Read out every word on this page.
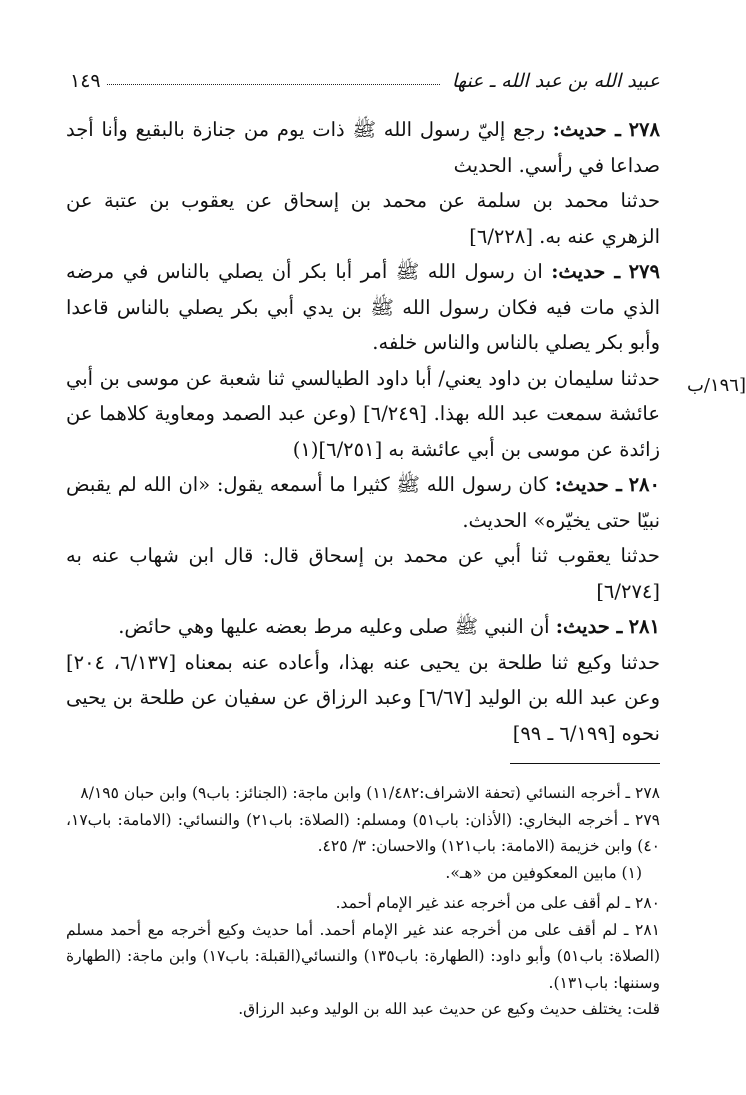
عبيد الله بن عبد الله ـ عنها
١٤٩

٢٧٨ ـ حديث: رجع إليّ رسول الله ﷺ ذات يوم من جنازة بالبقيع وأنا أجد صداعا في رأسي. الحديث

حدثنا محمد بن سلمة عن محمد بن إسحاق عن يعقوب بن عتبة عن الزهري عنه به. [٦/٢٢٨]

٢٧٩ ـ حديث: ان رسول الله ﷺ أمر أبا بكر أن يصلي بالناس في مرضه الذي مات فيه فكان رسول الله ﷺ بن يدي أبي بكر يصلي بالناس قاعدا وأبو بكر يصلي بالناس والناس خلفه.

حدثنا سليمان بن داود يعني/ أبا داود الطيالسي ثنا شعبة عن موسى بن أبي عائشة سمعت عبد الله بهذا. [٦/٢٤٩] (وعن عبد الصمد ومعاوية كلاهما عن زائدة عن موسى بن أبي عائشة به [٦/٢٥١](١)

٢٨٠ ـ حديث: كان رسول الله ﷺ كثيرا ما أسمعه يقول: «ان الله لم يقبض نبيّا حتى يخيّره» الحديث.

حدثنا يعقوب ثنا أبي عن محمد بن إسحاق قال: قال ابن شهاب عنه به [٦/٢٧٤]

٢٨١ ـ حديث: أن النبي ﷺ صلى وعليه مرط بعضه عليها وهي حائض.

حدثنا وكيع ثنا طلحة بن يحيى عنه بهذا، وأعاده عنه بمعناه [٦/١٣٧، ٢٠٤] وعن عبد الله بن الوليد [٦/٦٧] وعبد الرزاق عن سفيان عن طلحة بن يحيى نحوه [٦/١٩٩ ـ ٩٩]

[١٩٦/ب

٢٧٨ ـ أخرجه النسائي (تحفة الاشراف:١١/٤٨٢) وابن ماجة: (الجنائز: باب٩) وابن حبان ٨/١٩٥

٢٧٩ ـ أخرجه البخاري: (الأذان: باب٥١) ومسلم: (الصلاة: باب٢١) والنسائي: (الامامة: باب١٧، ٤٠) وابن خزيمة (الامامة: باب١٢١) والاحسان: ٣/ ٤٢٥.

(١) مابين المعكوفين من «هـ».

٢٨٠ ـ لم أقف على من أخرجه عند غير الإمام أحمد.

٢٨١ ـ لم أقف على من أخرجه عند غير الإمام أحمد. أما حديث وكيع أخرجه مع أحمد مسلم (الصلاة: باب٥١) وأبو داود: (الطهارة: باب١٣٥) والنسائي(القبلة: باب١٧) وابن ماجة: (الطهارة وسننها: باب١٣١).

قلت: يختلف حديث وكيع عن حديث عبد الله بن الوليد وعبد الرزاق.
